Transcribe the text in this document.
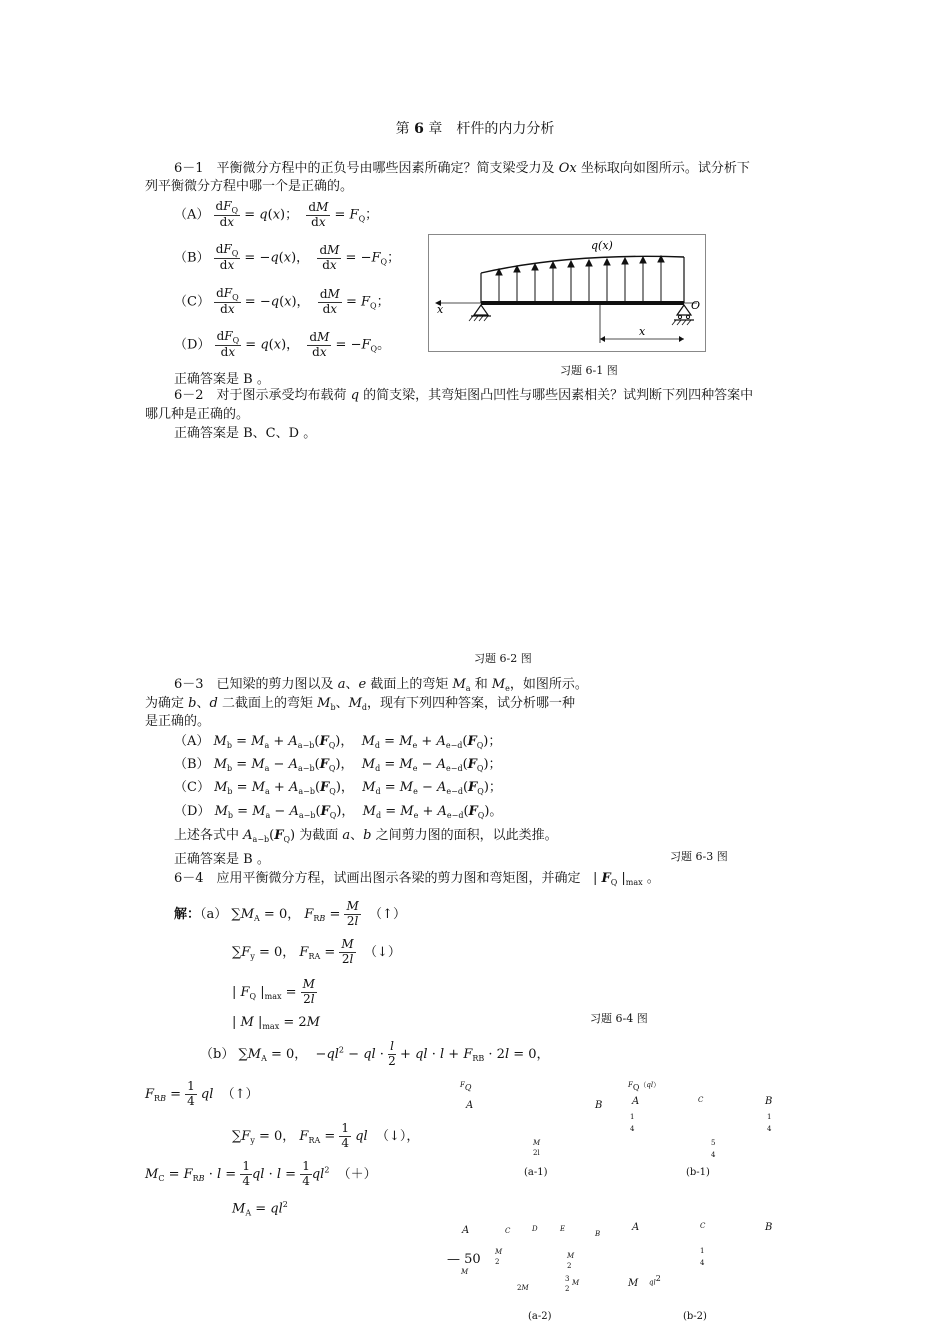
第 6 章　 杆件的内力分析
6－1　平衡微分方程中的正负号由哪些因素所确定？简支梁受力及 Ox 坐标取向如图所示。试分析下
列平衡微分方程中哪一个是正确的。
（A）
$dF_Q$
dx = q(x)； $\frac{dM}{dx} = F_Q$；
（B）
$dF_Q$
dx = −q(x)， $\frac{dM}{dx} = -F_Q$；
（C）
$dF_Q$
dx = −q(x)， $\frac{dM}{dx} = F_Q$；
（D）
$dF_Q$
dx = q(x)， $\frac{dM}{dx} = -F_Q$。
正确答案是 B 。
q(x)
x	O
x
习题 6-1 图
6－2　对于图示承受均布载荷 q 的简支梁，其弯矩图凸凹性与哪些因素相关？试判断下列四种答案中
哪几种是正确的。
正确答案是 B、C、D 。
习题 6-2 图
6－3　已知梁的剪力图以及 a、e 截面上的弯矩 $M_a$ 和 $M_e$，如图所示。
为确定 b、d 二截面上的弯矩 $M_b$、$M_d$，现有下列四种答案，试分析哪一种
是正确的。
（A） $M_b = M_a + A_{a-b}(F_Q)$，  $M_d = M_e + A_{e-d}(F_Q)$；
（B） $M_b = M_a - A_{a-b}(F_Q)$，  $M_d = M_e - A_{e-d}(F_Q)$；
（C） $M_b = M_a + A_{a-b}(F_Q)$，  $M_d = M_e - A_{e-d}(F_Q)$；
（D） $M_b = M_a - A_{a-b}(F_Q)$，  $M_d = M_e + A_{e-d}(F_Q)$。
上述各式中 $A_{a-b}(F_Q)$ 为截面 a、b 之间剪力图的面积，以此类推。
正确答案是 B 。	习题 6-3 图
6－4　应用平衡微分方程，试画出图示各梁的剪力图和弯矩图，并确定   | $F_Q$ $|_{max}$ 。
解：（a） $\sum M_A = 0$， $F_{RB} = \frac{M}{2l}$ （↑）
$\sum F_y = 0$， $F_{RA} = \frac{M}{2l}$ （↓）
| $F_Q$ $|_{max} = \frac{M}{2l}$
| M $|_{max} = 2M$	习题 6-4 图
（b） $\sum M_A = 0$，  $-ql^2$ − ql · $\frac{l}{2}$ + ql · $l + F_{RB} \cdot 2l = 0$，
$F_{RB} = \frac{1}{4}$ ql （↑）
$\sum F_y = 0$， $F_{RA} = \frac{1}{4}$ ql （↓），
$M_C = F_{RB} \cdot l = \frac{1}{4}$ ql · $l = \frac{1}{4} ql^2$ （＋）
$M_A = ql^2$
$F_Q$
A	B
M
2l
(a-1)
$F_Q(ql)$
A	C	B
1
4
1
4
5
4
(b-1)
A	C	D	E
B
M
2
M
M
2
3 M
2
2M
(a-2)
A	C	B
1
4
M $ql^2$
(b-2)
— 50
